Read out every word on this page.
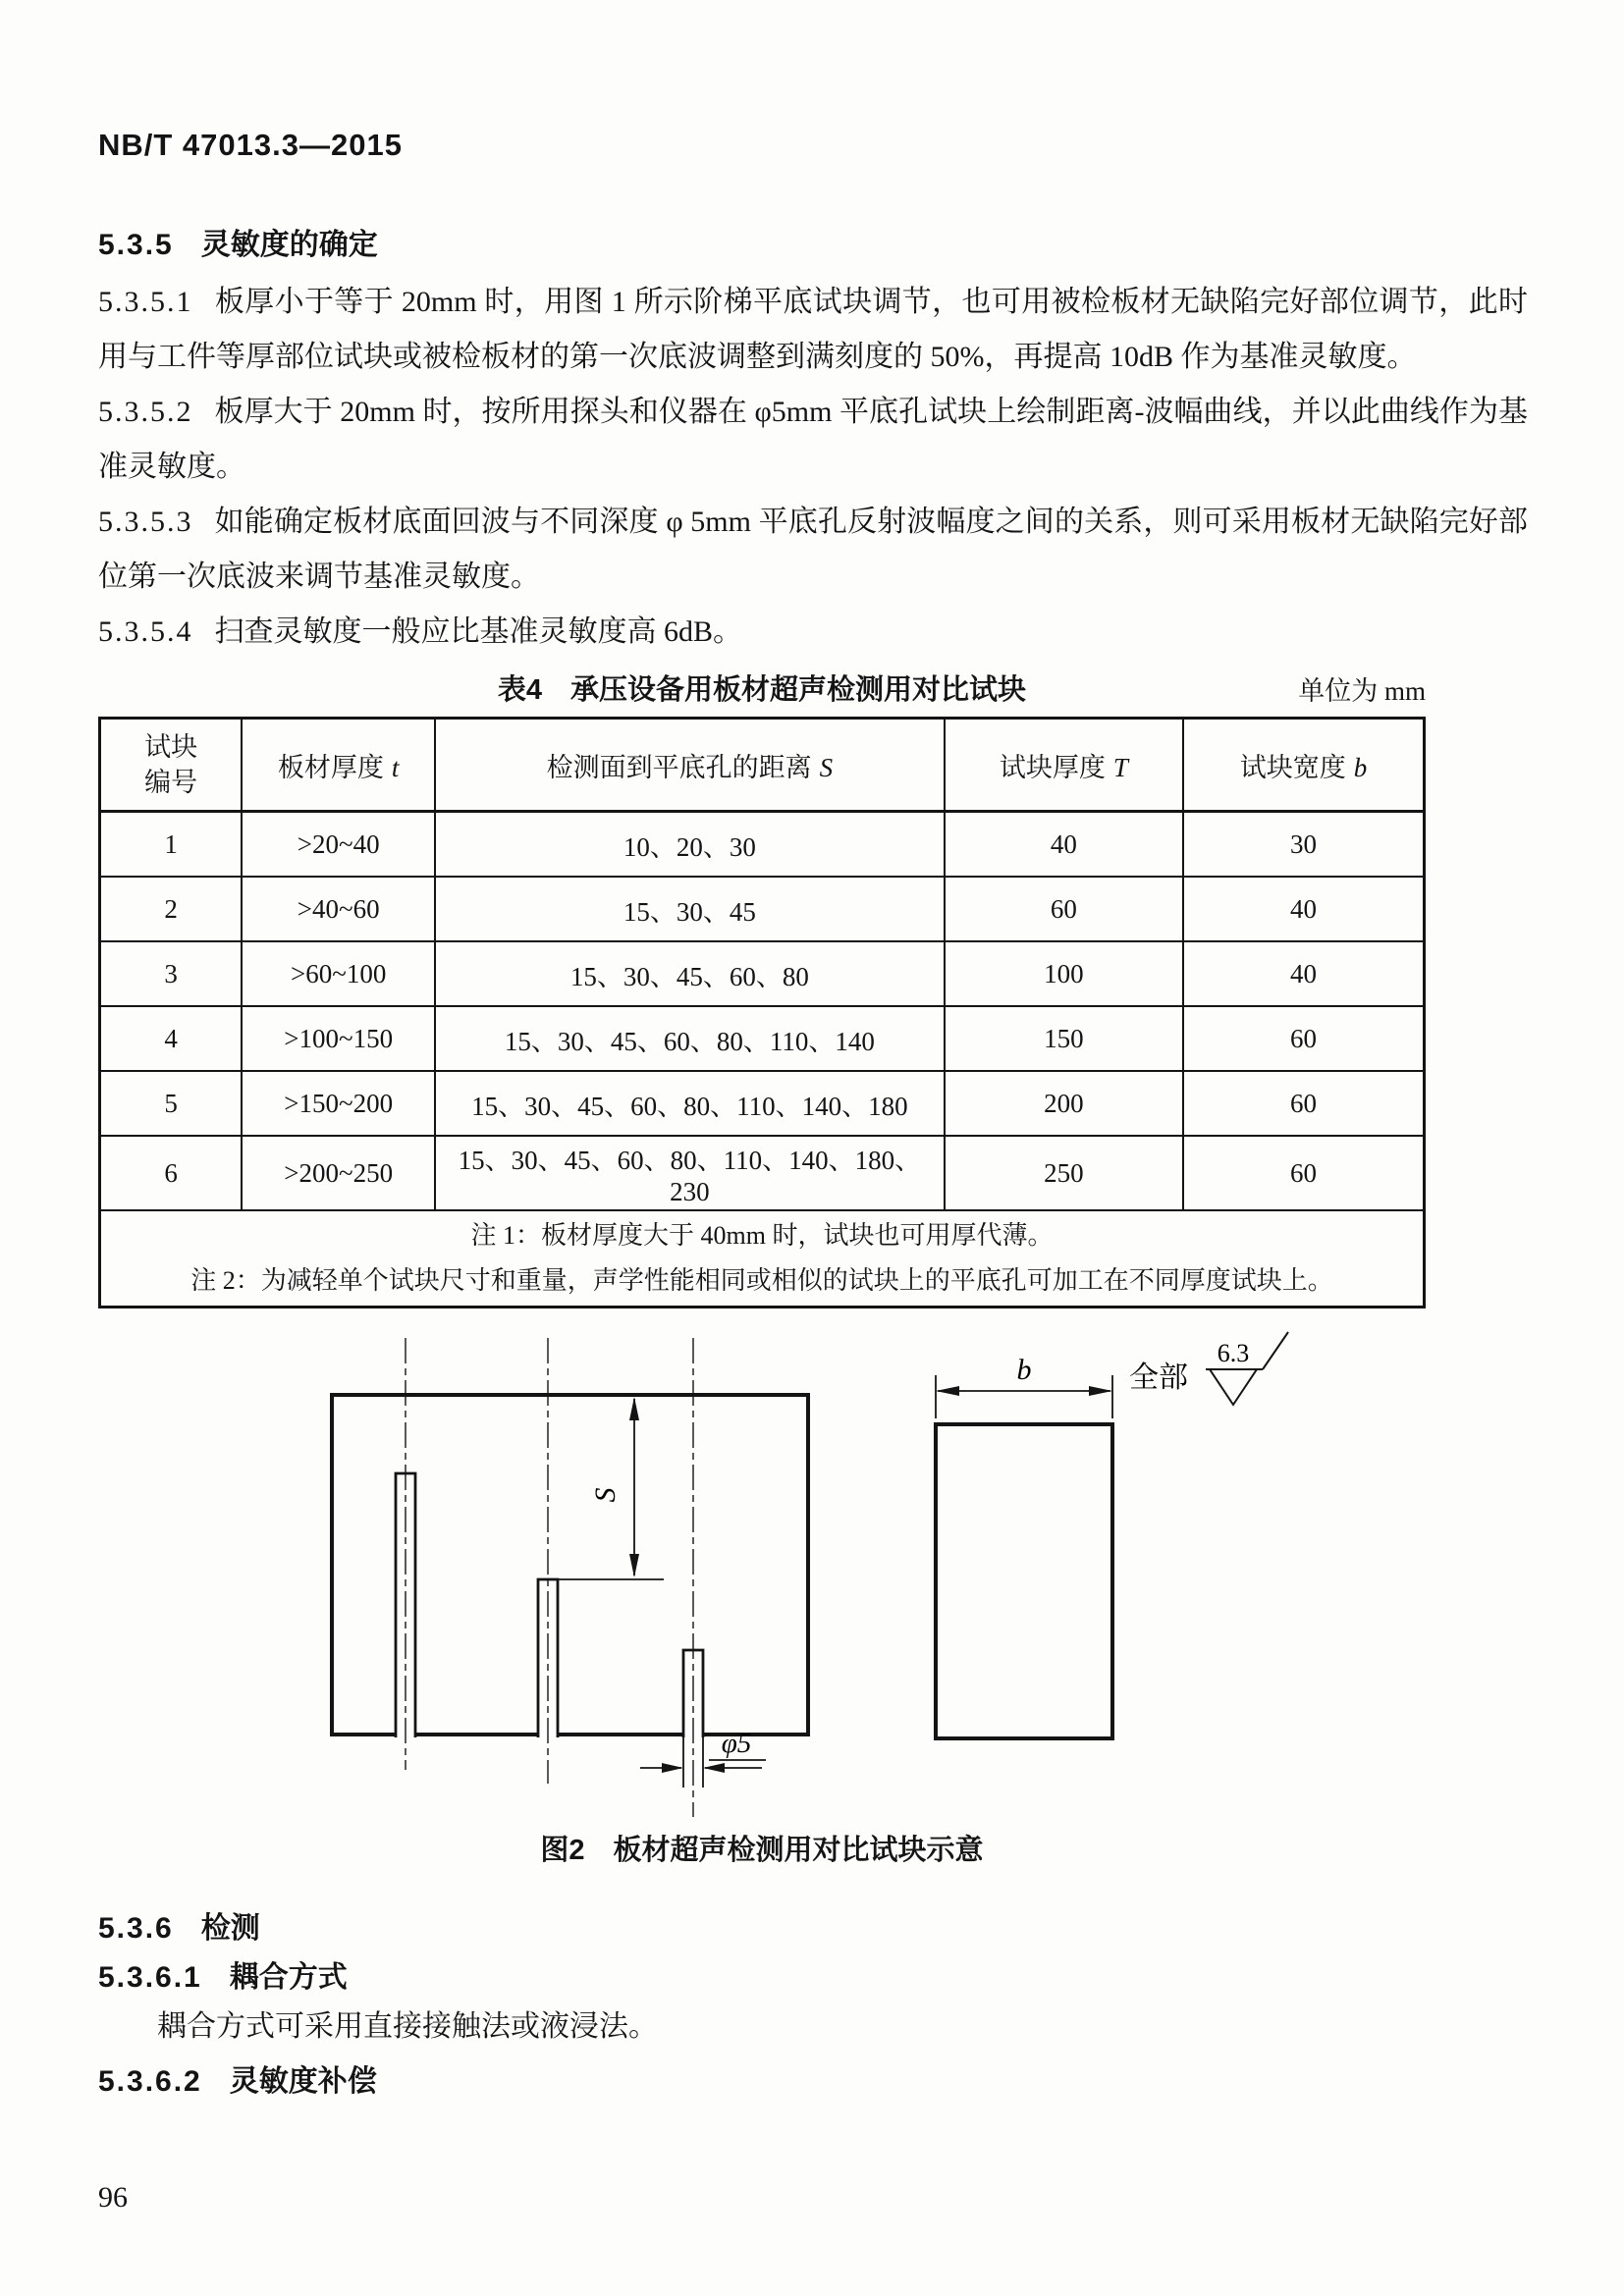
NB/T 47013.3—2015

5.3.5 灵敏度的确定

5.3.5.1 板厚小于等于 20mm 时，用图 1 所示阶梯平底试块调节，也可用被检板材无缺陷完好部位调节，此时用与工件等厚部位试块或被检板材的第一次底波调整到满刻度的 50%，再提高 10dB 作为基准灵敏度。

5.3.5.2 板厚大于 20mm 时，按所用探头和仪器在 φ5mm 平底孔试块上绘制距离-波幅曲线，并以此曲线作为基准灵敏度。

5.3.5.3 如能确定板材底面回波与不同深度 φ 5mm 平底孔反射波幅度之间的关系，则可采用板材无缺陷完好部位第一次底波来调节基准灵敏度。

5.3.5.4 扫查灵敏度一般应比基准灵敏度高 6dB。

表4　承压设备用板材超声检测用对比试块	单位为 mm
试块编号	板材厚度 t	检测面到平底孔的距离 S	试块厚度 T	试块宽度 b
1	>20~40	10、20、30	40	30
2	>40~60	15、30、45	60	40
3	>60~100	15、30、45、60、80	100	40
4	>100~150	15、30、45、60、80、110、140	150	60
5	>150~200	15、30、45、60、80、110、140、180	200	60
6	>200~250	15、30、45、60、80、110、140、180、230	250	60

注 1：板材厚度大于 40mm 时，试块也可用厚代薄。
注 2：为减轻单个试块尺寸和重量，声学性能相同或相似的试块上的平底孔可加工在不同厚度试块上。				
S
φ5
b	全部
6.3
图2　板材超声检测用对比试块示意

5.3.6 检测

5.3.6.1 耦合方式

耦合方式可采用直接接触法或液浸法。

5.3.6.2 灵敏度补偿

96
